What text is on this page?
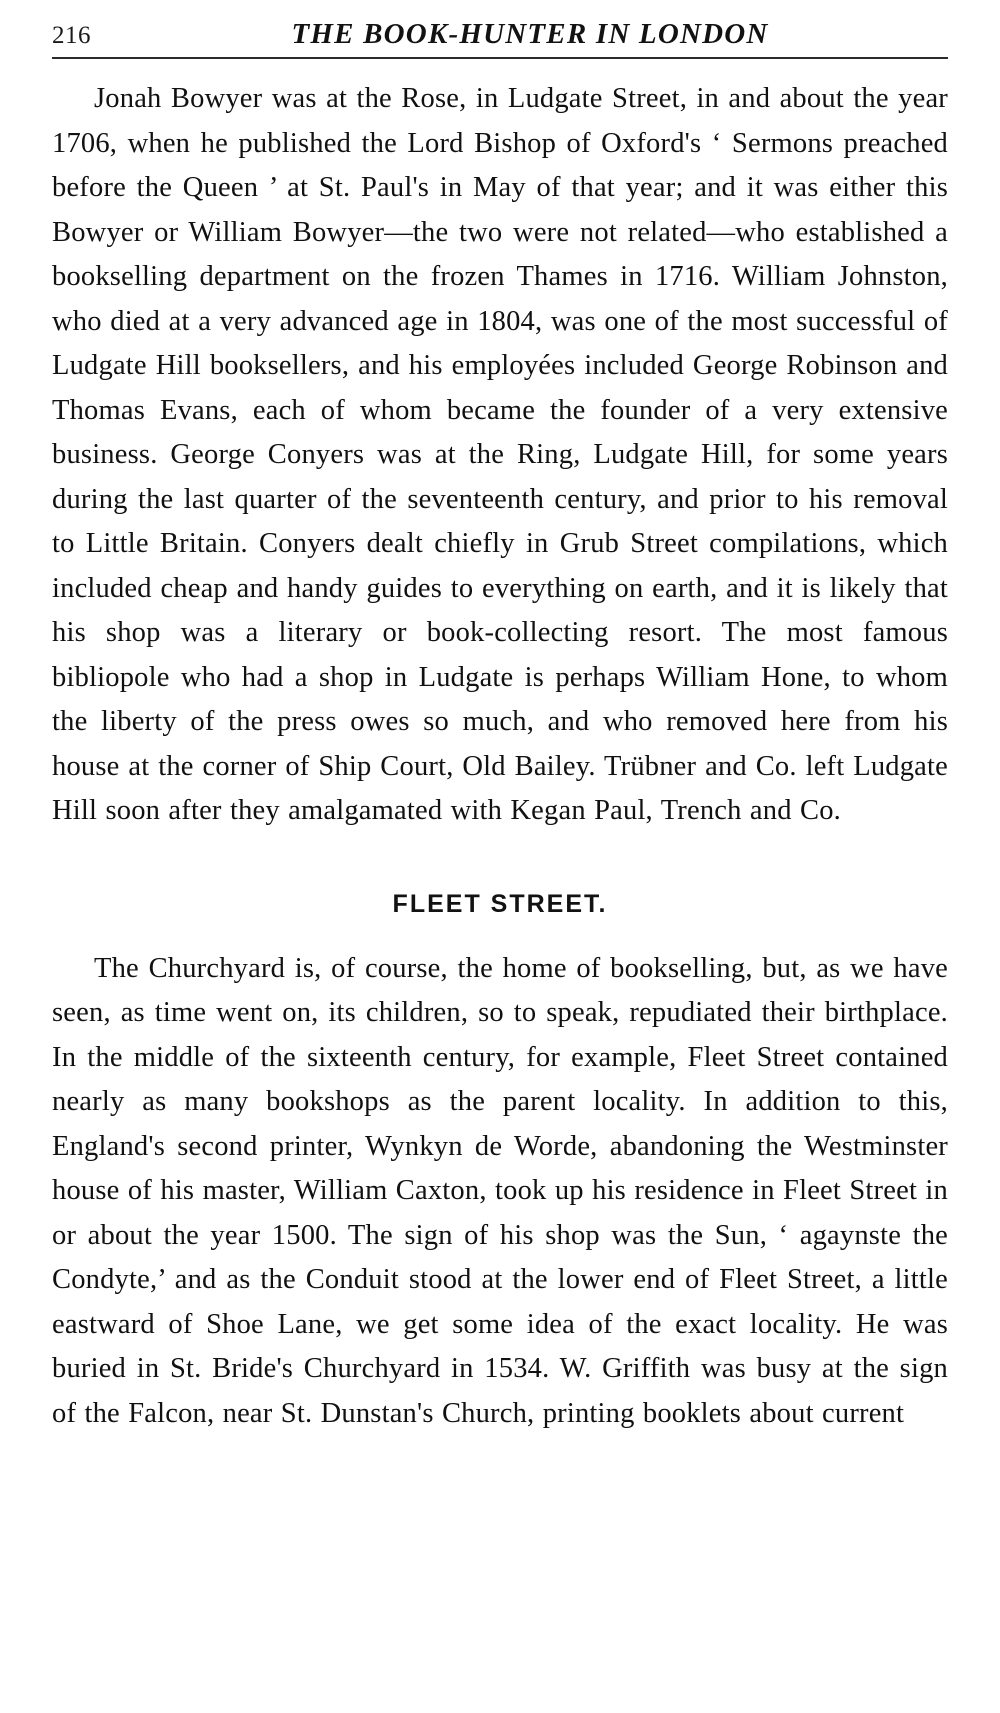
216	THE BOOK-HUNTER IN LONDON

Jonah Bowyer was at the Rose, in Ludgate Street, in and about the year 1706, when he published the Lord Bishop of Oxford's ‘ Sermons preached before the Queen ’ at St. Paul's in May of that year; and it was either this Bowyer or William Bowyer—the two were not related—who established a bookselling department on the frozen Thames in 1716. William Johnston, who died at a very advanced age in 1804, was one of the most successful of Ludgate Hill booksellers, and his employées included George Robinson and Thomas Evans, each of whom became the founder of a very extensive business. George Conyers was at the Ring, Ludgate Hill, for some years during the last quarter of the seventeenth century, and prior to his removal to Little Britain. Conyers dealt chiefly in Grub Street compilations, which included cheap and handy guides to everything on earth, and it is likely that his shop was a literary or book-collecting resort. The most famous bibliopole who had a shop in Ludgate is perhaps William Hone, to whom the liberty of the press owes so much, and who removed here from his house at the corner of Ship Court, Old Bailey. Trübner and Co. left Ludgate Hill soon after they amalgamated with Kegan Paul, Trench and Co.

FLEET STREET.

The Churchyard is, of course, the home of bookselling, but, as we have seen, as time went on, its children, so to speak, repudiated their birthplace. In the middle of the sixteenth century, for example, Fleet Street contained nearly as many bookshops as the parent locality. In addition to this, England's second printer, Wynkyn de Worde, abandoning the Westminster house of his master, William Caxton, took up his residence in Fleet Street in or about the year 1500. The sign of his shop was the Sun, ‘ agaynste the Condyte,’ and as the Conduit stood at the lower end of Fleet Street, a little eastward of Shoe Lane, we get some idea of the exact locality. He was buried in St. Bride's Churchyard in 1534. W. Griffith was busy at the sign of the Falcon, near St. Dunstan's Church, printing booklets about current
